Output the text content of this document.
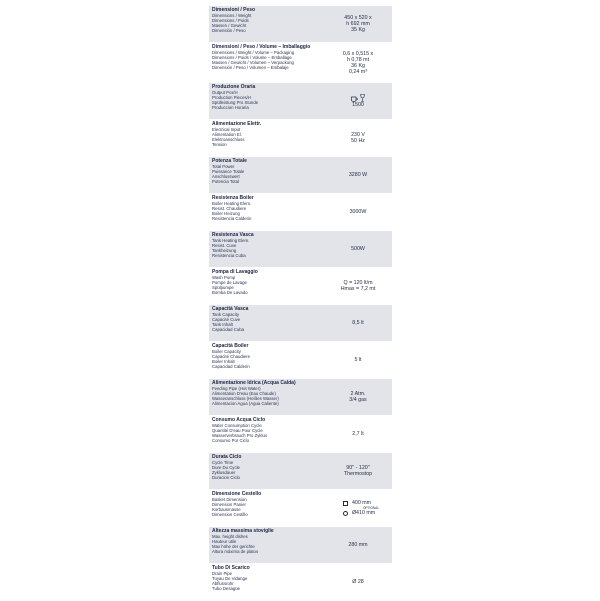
Dimensioni / Peso
Dimensions / Weight
Dimensions / Poids
Massen / Gewicht
Dimensión / Peso
450 x 520 x
h 692 mm
35 Kg
Dimensioni / Peso / Volume – Imballaggio
Dimensions / Weight / Volume – Packaging
Dimensions / Poids / Volume – Emballage
Massen / Gewicht / Volumen – Verpackung
Dimensión / Peso / Volumen – Embalaje
0,6 x 0,515 x
h 0,78 mt
36 Kg
0,24 m³
Produzione Oraria
Output Pcs/H
Production Pieces/H
Spülleistung Pro Stunde
Produccion Horaria	1500
Alimentazione Elettr.
Electrical Input
Alimentation El.
Elektroanschluss
Tension
230 V
50 Hz
Potenza Totale
Total Power
Puissance Totale
Anschlusswert
Potencia Total
3280 W
Resistenza Boiler
Boiler Heating Elem.
Resist. Chaudiere
Boiler Heizung
Resistencia Calderin
3000W
Resistenza Vasca
Tank Heating Elem.
Resist. Cuve
Tankheizung
Resistencia Cuba
500W
Pompa di Lavaggio
Wash Pump
Pompe de Lavage
Spülpumpe
Bomba De Lavado
Q = 120 lt/m
Hmax = 7,2 mt
Capacità Vasca
Tank Capacity
Capacité Cuve
Tank Inhalt
Capacidad Cuba
8,5 lt
Capacità Boiler
Boiler Capacity
Capacité Chaudiere
Boiler Inhalt
Capacidad Calderin
5 lt
Alimentazione Idrica (Acqua Calda)
Feeding Pipe (Hot Water)
Alimentation D'eau (Eau Chaude)
Wasseranschluss (Heißes Wasser)
Alimentacion Agua (Agua Caliente)
2 Atm.
3/4 gas
Consumo Acqua Ciclo
Water Consumption Cycle
Quantité D'eau Pour Cycle
Wasserverbrauch Pro Zyklus
Consumo Por Ciclo
2,7 lt
Durata Ciclo
Cycle Time
Dure Du Cycle
Zyklusdauer
Duracion Ciclo
90'' - 120''
Thermostop
Dimensione Cestello
Basket Dimension
Dimension Panier
Korbausmasse
Dimension Cestillo
400 mm
OPTIONAL
Ø410 mm
Altezza massima stoviglie
Max. height dishes
Hauteur utile
Max höhe der gerichte
Altura máxima de platos
280 mm
Tubo Di Scarico
Drain Pipe
Tuyau De Vidange
Abflussrohr
Tubo Desagüe
Ø 28
